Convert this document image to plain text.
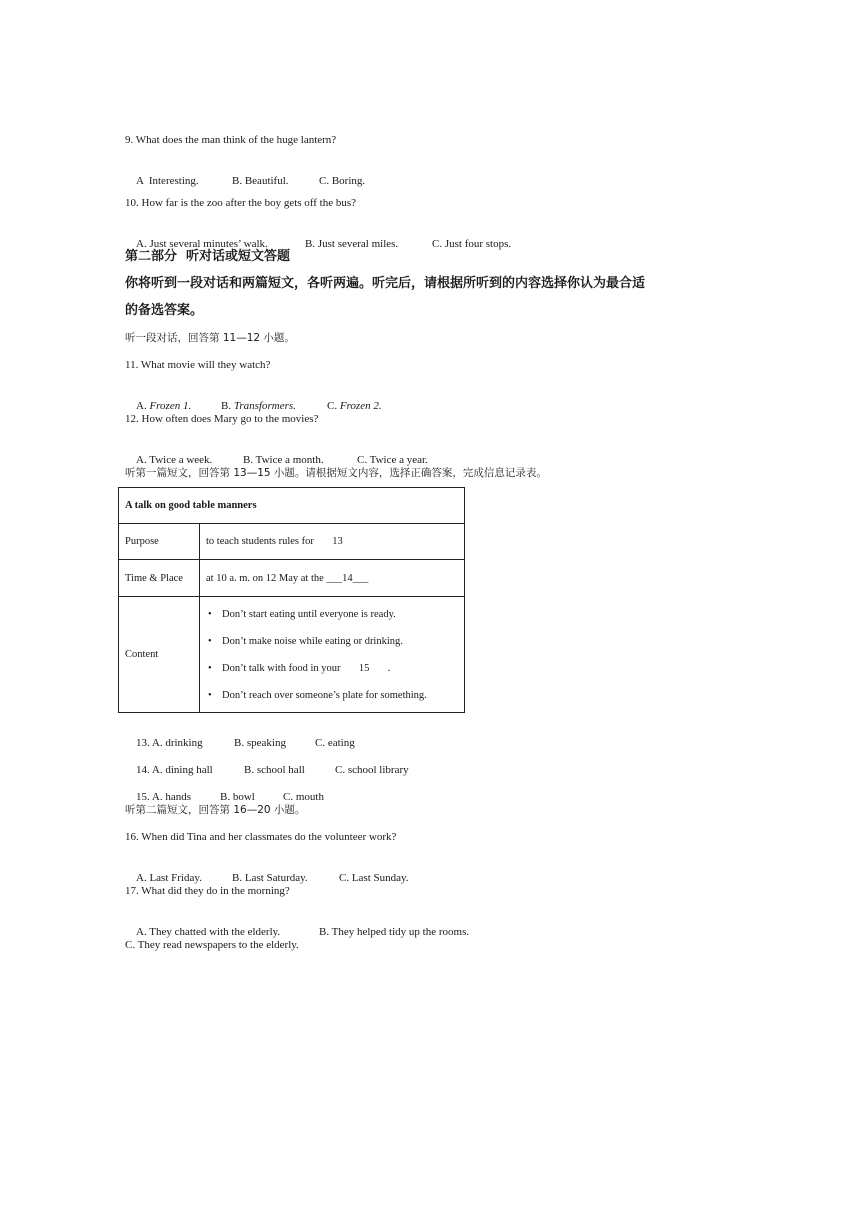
9. What does the man think of the huge lantern?

A  Interesting.	B. Beautiful.	C. Boring.

10. How far is the zoo after the boy gets off the bus?

A. Just several minutes’ walk.	B. Just several miles.	C. Just four stops.

第二部分  听对话或短文答题
你将听到一段对话和两篇短文，各听两遍。听完后，请根据所听到的内容选择你认为最合适
的备选答案。
听一段对话，回答第 11—12 小题。
11. What movie will they watch?

A. Frozen 1.	B. Transformers.	C. Frozen 2.

12. How often does Mary go to the movies?

A. Twice a week.	B. Twice a month.	C. Twice a year.

听第一篇短文，回答第 13—15 小题。请根据短文内容，选择正确答案，完成信息记录表。
A talk on good table manners	
Purpose	to teach students rules for       13
Time & Place	at 10 a. m. on 12 May at the ___14___
Content	• Don’t start eating until everyone is ready.
• Don’t make noise while eating or drinking.
• Don’t talk with food in your       15       .
• Don’t reach over someone’s plate for something.

13. A. drinking	B. speaking	C. eating

14. A. dining hall	B. school hall	C. school library

15. A. hands	B. bowl	C. mouth

听第二篇短文，回答第 16—20 小题。
16. When did Tina and her classmates do the volunteer work?

A. Last Friday.	B. Last Saturday.	C. Last Sunday.

17. What did they do in the morning?

A. They chatted with the elderly.	B. They helped tidy up the rooms.

C. They read newspapers to the elderly.
